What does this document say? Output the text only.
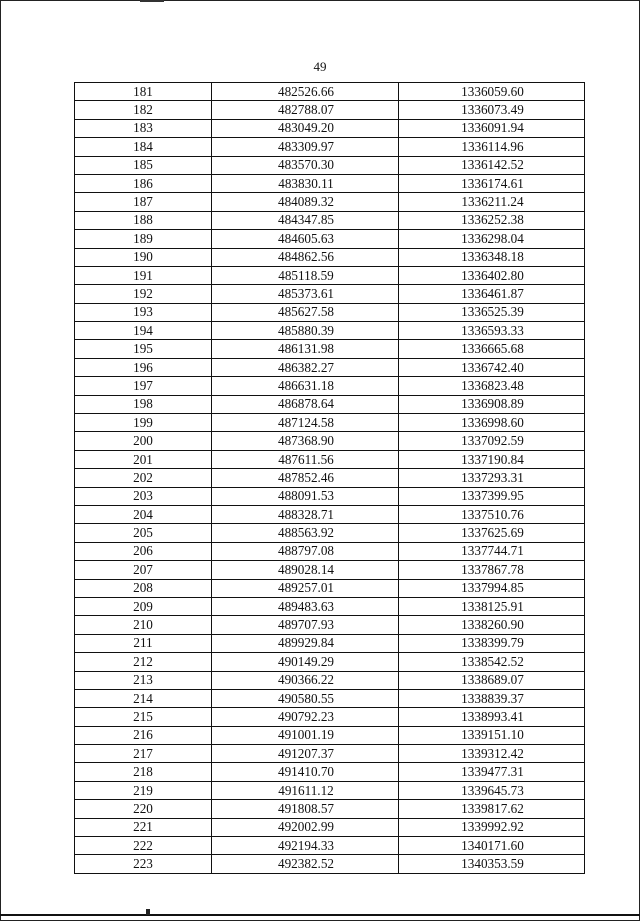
49
181	482526.66	1336059.60
182	482788.07	1336073.49
183	483049.20	1336091.94
184	483309.97	1336114.96
185	483570.30	1336142.52
186	483830.11	1336174.61
187	484089.32	1336211.24
188	484347.85	1336252.38
189	484605.63	1336298.04
190	484862.56	1336348.18
191	485118.59	1336402.80
192	485373.61	1336461.87
193	485627.58	1336525.39
194	485880.39	1336593.33
195	486131.98	1336665.68
196	486382.27	1336742.40
197	486631.18	1336823.48
198	486878.64	1336908.89
199	487124.58	1336998.60
200	487368.90	1337092.59
201	487611.56	1337190.84
202	487852.46	1337293.31
203	488091.53	1337399.95
204	488328.71	1337510.76
205	488563.92	1337625.69
206	488797.08	1337744.71
207	489028.14	1337867.78
208	489257.01	1337994.85
209	489483.63	1338125.91
210	489707.93	1338260.90
211	489929.84	1338399.79
212	490149.29	1338542.52
213	490366.22	1338689.07
214	490580.55	1338839.37
215	490792.23	1338993.41
216	491001.19	1339151.10
217	491207.37	1339312.42
218	491410.70	1339477.31
219	491611.12	1339645.73
220	491808.57	1339817.62
221	492002.99	1339992.92
222	492194.33	1340171.60
223	492382.52	1340353.59
